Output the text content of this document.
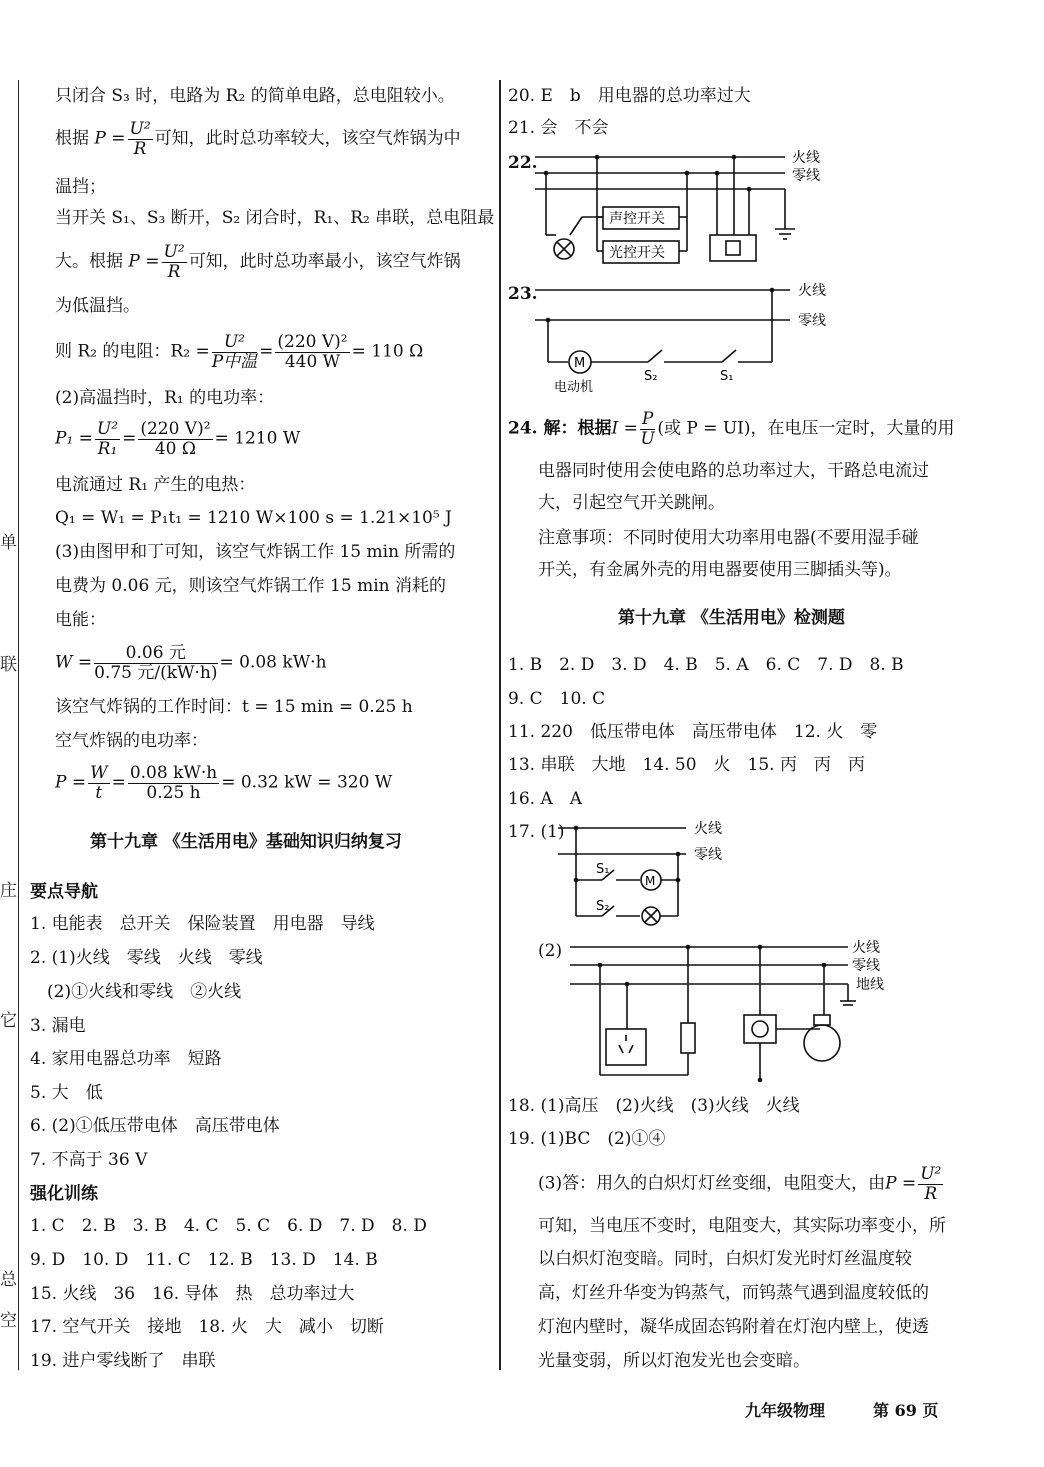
单
联
庄
它
总
空
只闭合 S₃ 时，电路为 R₂ 的简单电路，总电阻较小。
根据 $P = \frac{\text{U²}}{R}$ 可知，此时总功率较大，该空气炸锅为中
温挡；
当开关 S₁、S₃ 断开，S₂ 闭合时，R₁、R₂ 串联，总电阻最
大。根据 $P = \frac{\text{U²}}{R}$ 可知，此时总功率最小，该空气炸锅
为低温挡。
则 R₂ 的电阻：$R_2 = \frac{\text{U²}}{\text{P中温}} = \frac{\text{(220 V)²}}{440 W} = 110$ Ω
(2)高温挡时，R₁ 的电功率：
$P_1 = \frac{\text{U²}}{\text{R₁}} = \frac{\text{(220 V)²}}{40 \Omega} = 1210$ W
电流通过 R₁ 产生的电热：
Q₁ = W₁ = P₁t₁ = 1210 W×100 s = 1.21×10⁵ J
(3)由图甲和丁可知，该空气炸锅工作 15 min 所需的
电费为 0.06 元，则该空气炸锅工作 15 min 消耗的
电能：
$W = \frac{\text{0.06 元}}{\text{0.75 元/(kW·h)}} = 0.08$ kW·h
该空气炸锅的工作时间：t = 15 min = 0.25 h
空气炸锅的电功率：
$P = \frac{W}{t} = \frac{0.08 kW\cdot h}{0.25 h} = 0.32$ kW = 320 W
第十九章 《生活用电》基础知识归纳复习
要点导航
1. 电能表　总开关　保险装置　用电器　导线
2. (1)火线　零线　火线　零线
　(2)①火线和零线　②火线
3. 漏电
4. 家用电器总功率　短路
5. 大　低
6. (2)①低压带电体　高压带电体
7. 不高于 36 V
强化训练
1. C　2. B　3. B　4. C　5. C　6. D　7. D　8. D
9. D　10. D　11. C　12. B　13. D　14. B
15. 火线　36　16. 导体　热　总功率过大
17. 空气开关　接地　18. 火　大　减小　切断
19. 进户零线断了　串联
20. E　b　用电器的总功率过大
21. 会　不会
22.	火线
零线
声控开关
光控开关
23.
M
电动机
S₂	S₁
火线
零线
24. 解：根据$I = \frac{P}{U}$ (或 P = UI)，在电压一定时，大量的用
电器同时使用会使电路的总功率过大，干路总电流过
大，引起空气开关跳闸。
注意事项：不同时使用大功率用电器(不要用湿手碰
开关，有金属外壳的用电器要使用三脚插头等)。
第十九章 《生活用电》检测题
1. B　2. D　3. D　4. B　5. A　6. C　7. D　8. B
9. C　10. C
11. 220　低压带电体　高压带电体　12. 火　零
13. 串联　大地　14. 50　火　15. 丙　丙　丙
16. A　A
17. (1)
S₁
S₂
M
火线
零线
(2)	火线
零线
地线
18. (1)高压　(2)火线　(3)火线　火线
19. (1)BC　(2)①④
(3)答：用久的白炽灯灯丝变细，电阻变大，由$P = \frac{\text{U²}}{R}$
可知，当电压不变时，电阻变大，其实际功率变小，所
以白炽灯泡变暗。同时，白炽灯发光时灯丝温度较
高，灯丝升华变为钨蒸气，而钨蒸气遇到温度较低的
灯泡内壁时，凝华成固态钨附着在灯泡内壁上，使透
光量变弱，所以灯泡发光也会变暗。
九年级物理	第 69 页
